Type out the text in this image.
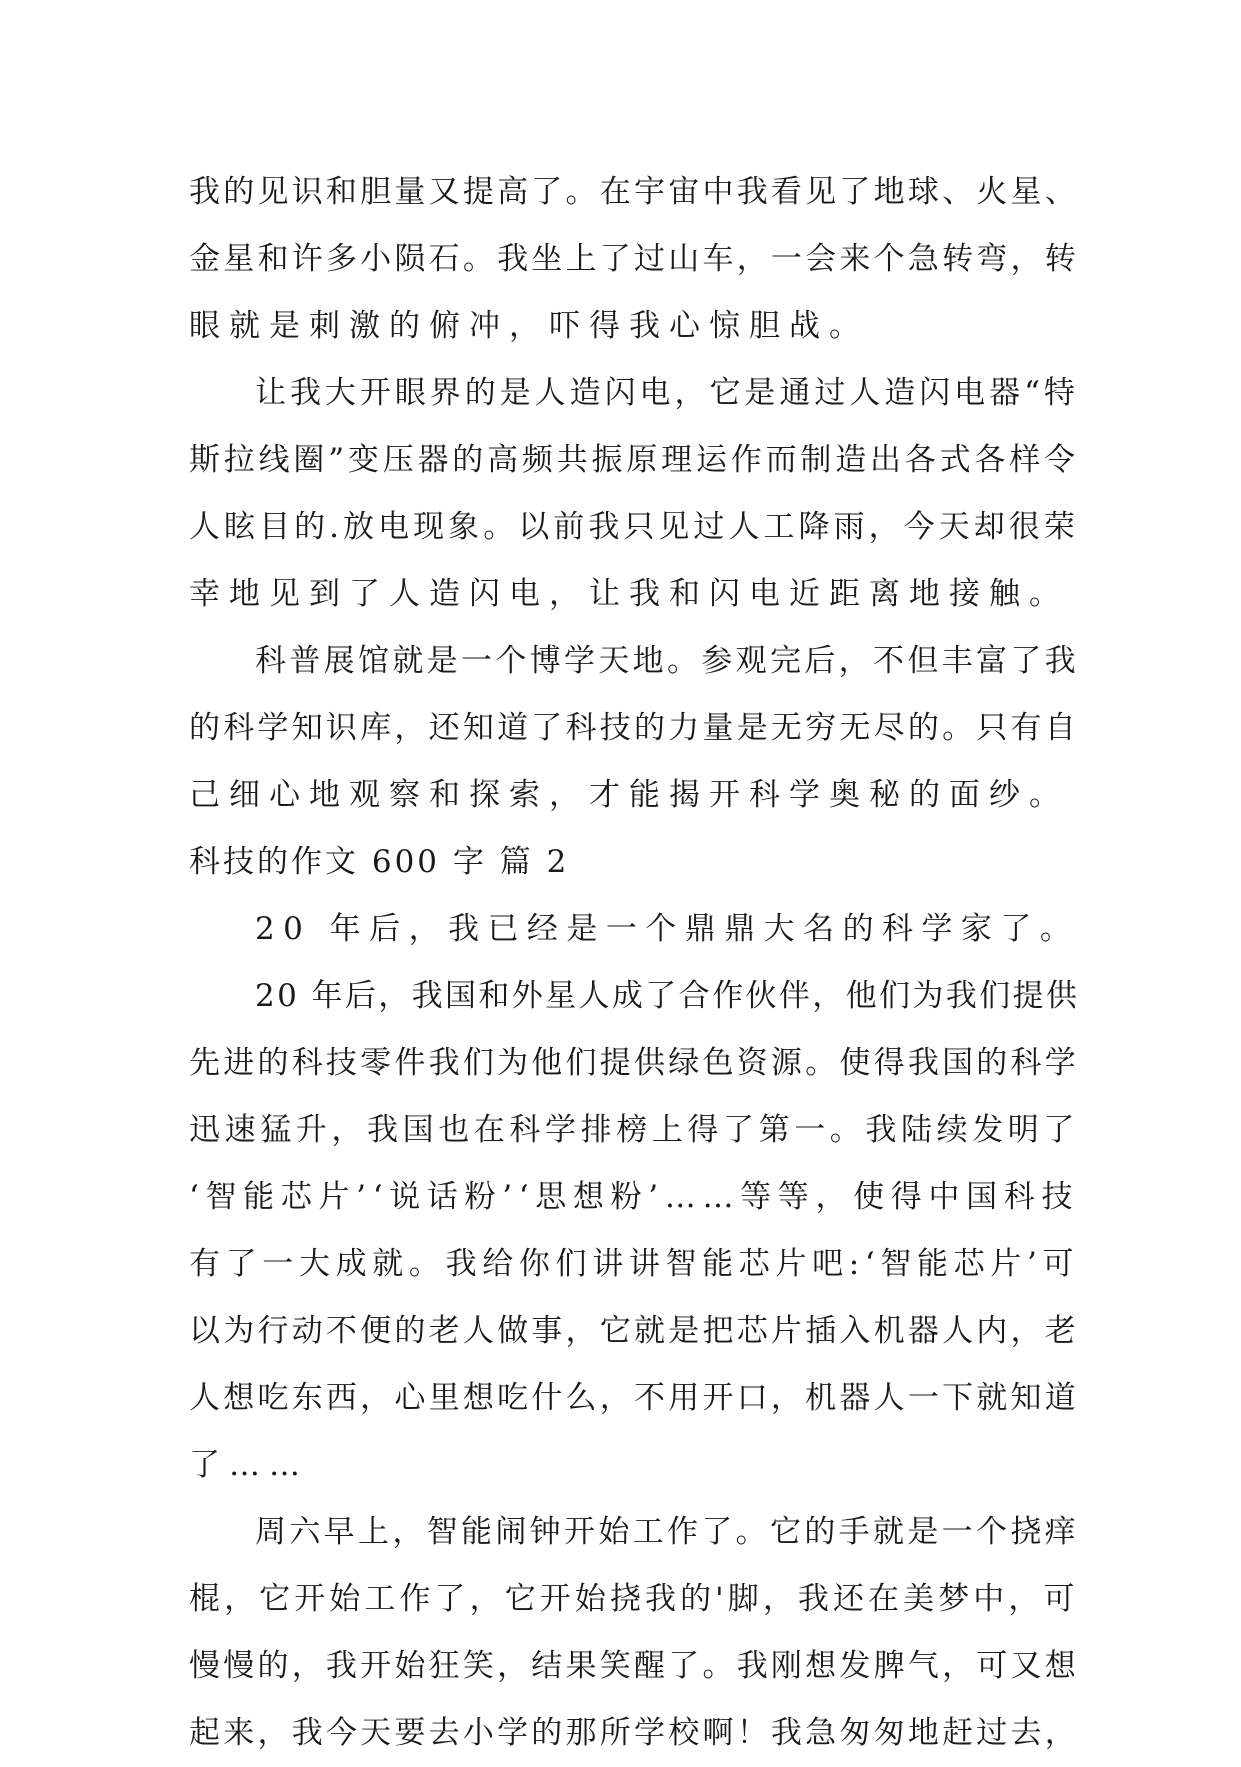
我的见识和胆量又提高了。在宇宙中我看见了地球、火星、
金星和许多小陨石。我坐上了过山车，一会来个急转弯，转
眼就是刺激的俯冲，吓得我心惊胆战。
让我大开眼界的是人造闪电，它是通过人造闪电器“特
斯拉线圈”变压器的高频共振原理运作而制造出各式各样令
人眩目的.放电现象。以前我只见过人工降雨，今天却很荣
幸地见到了人造闪电，让我和闪电近距离地接触。
科普展馆就是一个博学天地。参观完后，不但丰富了我
的科学知识库，还知道了科技的力量是无穷无尽的。只有自
己细心地观察和探索，才能揭开科学奥秘的面纱。
科技的作文 600 字 篇 2
20 年后，我已经是一个鼎鼎大名的科学家了。
20 年后，我国和外星人成了合作伙伴，他们为我们提供
先进的科技零件我们为他们提供绿色资源。使得我国的科学
迅速猛升，我国也在科学排榜上得了第一。我陆续发明了
‘智能芯片’‘说话粉’‘思想粉’……等等，使得中国科技
有了一大成就。我给你们讲讲智能芯片吧:‘智能芯片’可
以为行动不便的老人做事，它就是把芯片插入机器人内，老
人想吃东西，心里想吃什么，不用开口，机器人一下就知道
了……
周六早上，智能闹钟开始工作了。它的手就是一个挠痒
棍，它开始工作了，它开始挠我的'脚，我还在美梦中，可
慢慢的，我开始狂笑，结果笑醒了。我刚想发脾气，可又想
起来，我今天要去小学的那所学校啊！我急匆匆地赶过去，
